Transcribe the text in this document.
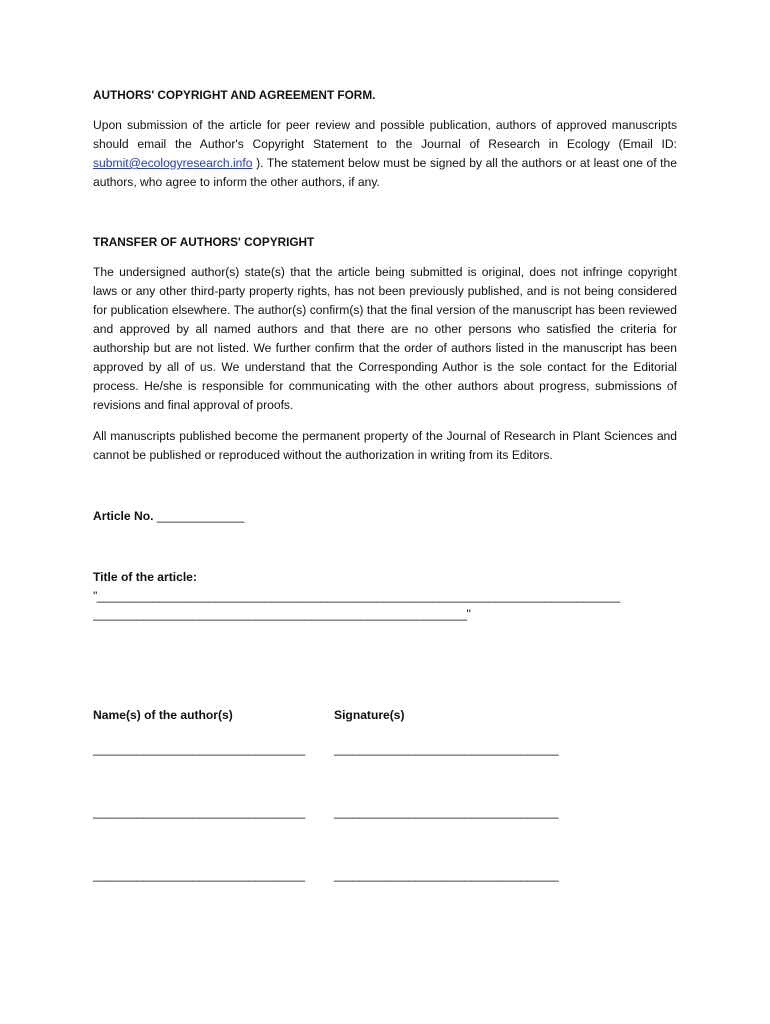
AUTHORS' COPYRIGHT AND AGREEMENT FORM.

Upon submission of the article for peer review and possible publication, authors of approved manuscripts should email the Author's Copyright Statement to the Journal of Research in Ecology (Email ID: submit@ecologyresearch.info ). The statement below must be signed by all the authors or at least one of the authors, who agree to inform the other authors, if any.

TRANSFER OF AUTHORS' COPYRIGHT

The undersigned author(s) state(s) that the article being submitted is original, does not infringe copyright laws or any other third-party property rights, has not been previously published, and is not being considered for publication elsewhere. The author(s) confirm(s) that the final version of the manuscript has been reviewed and approved by all named authors and that there are no other persons who satisfied the criteria for authorship but are not listed. We further confirm that the order of authors listed in the manuscript has been approved by all of us. We understand that the Corresponding Author is the sole contact for the Editorial process. He/she is responsible for communicating with the other authors about progress, submissions of revisions and final approval of proofs.

All manuscripts published become the permanent property of the Journal of Research in Plant Sciences and cannot be published or reproduced without the authorization in writing from its Editors.

Article No. _____________

Title of the article:

"____________________________________________________________________________________

____________________________________________________________"

Name(s) of the author(s)	Signature(s)
__________________________________ ____________________________________
__________________________________ ____________________________________
__________________________________ ____________________________________
